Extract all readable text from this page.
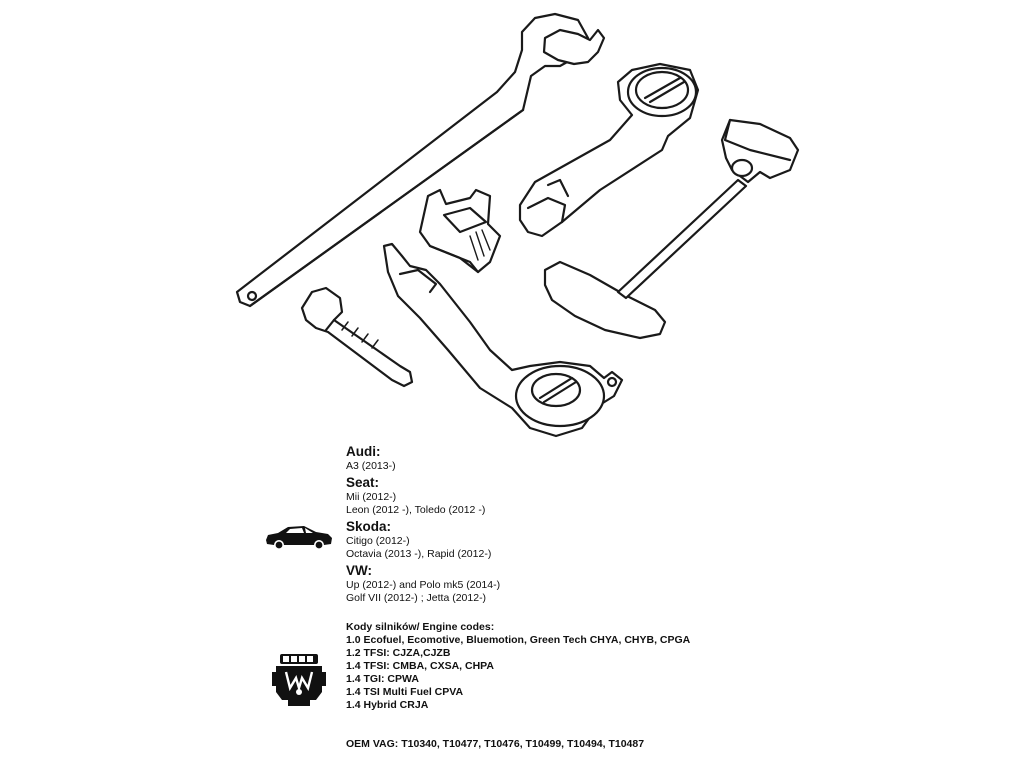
Audi:

A3 (2013-)

Seat:

Mii (2012-)

Leon (2012 -), Toledo (2012 -)

Skoda:

Citigo (2012-)

Octavia (2013 -), Rapid (2012-)

VW:

Up (2012-) and Polo mk5 (2014-)

Golf VII (2012-) ; Jetta (2012-)

Kody silników/ Engine codes:

1.0 Ecofuel, Ecomotive, Bluemotion, Green Tech CHYA, CHYB, CPGA

1.2 TFSI: CJZA,CJZB

1.4 TFSI: CMBA, CXSA, CHPA

1.4 TGI: CPWA

1.4 TSI Multi Fuel CPVA

1.4 Hybrid CRJA

OEM VAG: T10340, T10477, T10476, T10499, T10494, T10487
